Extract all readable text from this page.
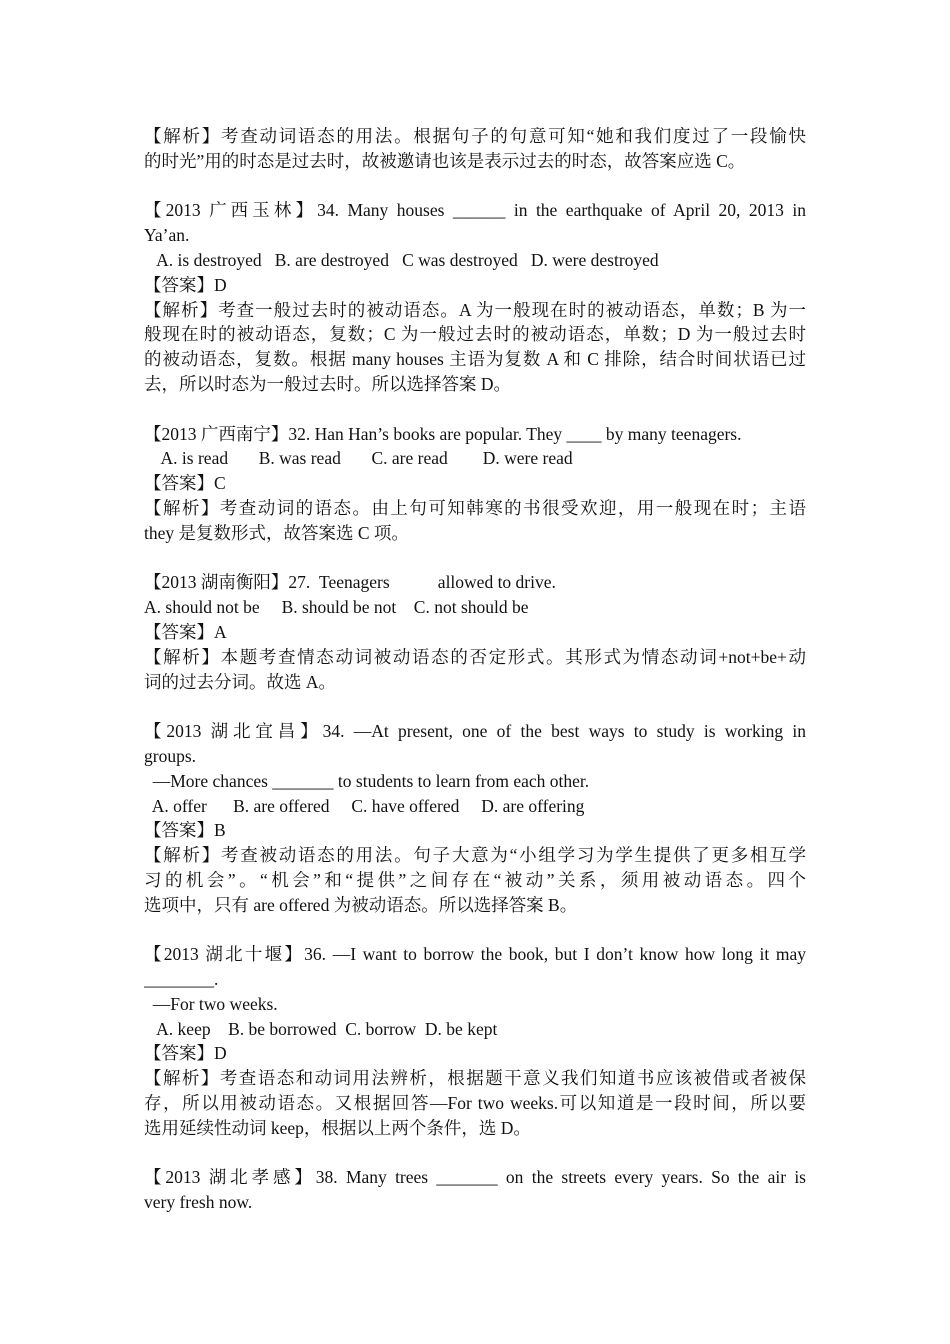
【解析】考查动词语态的用法。根据句子的句意可知“她和我们度过了一段愉快
的时光”用的时态是过去时，故被邀请也该是表示过去的时态，故答案应选 C。
【2013 广西玉林】34. Many houses ______ in the earthquake of April 20, 2013 in
Ya’an.
A. is destroyed   B. are destroyed   C was destroyed   D. were destroyed
【答案】D
【解析】考查一般过去时的被动语态。A 为一般现在时的被动语态，单数；B 为一
般现在时的被动语态，复数；C 为一般过去时的被动语态，单数；D 为一般过去时
的被动语态，复数。根据 many houses 主语为复数 A 和 C 排除，结合时间状语已过
去，所以时态为一般过去时。所以选择答案 D。
【2013 广西南宁】32. Han Han’s books are popular. They ____ by many teenagers.
A. is read       B. was read       C. are read        D. were read
【答案】C
【解析】考查动词的语态。由上句可知韩寒的书很受欢迎，用一般现在时；主语
they 是复数形式，故答案选 C 项。
【2013 湖南衡阳】27.  Teenagers           allowed to drive.
A. should not be     B. should be not    C. not should be
【答案】A
【解析】本题考查情态动词被动语态的否定形式。其形式为情态动词+not+be+动
词的过去分词。故选 A。
【2013 湖北宜昌】34. —At present, one of the best ways to study is working in
groups.
—More chances _______ to students to learn from each other.
A. offer      B. are offered     C. have offered     D. are offering
【答案】B
【解析】考查被动语态的用法。句子大意为“小组学习为学生提供了更多相互学
习的机会”。“机会”和“提供”之间存在“被动”关系，须用被动语态。四个
选项中，只有 are offered 为被动语态。所以选择答案 B。
【2013 湖北十堰】36. —I want to borrow the book, but I don’t know how long it may
________.
—For two weeks.
A. keep    B. be borrowed  C. borrow  D. be kept
【答案】D
【解析】考查语态和动词用法辨析，根据题干意义我们知道书应该被借或者被保
存，所以用被动语态。又根据回答—For two weeks.可以知道是一段时间，所以要
选用延续性动词 keep，根据以上两个条件，选 D。
【2013 湖北孝感】38. Many trees _______ on the streets every years. So the air is
very fresh now.
